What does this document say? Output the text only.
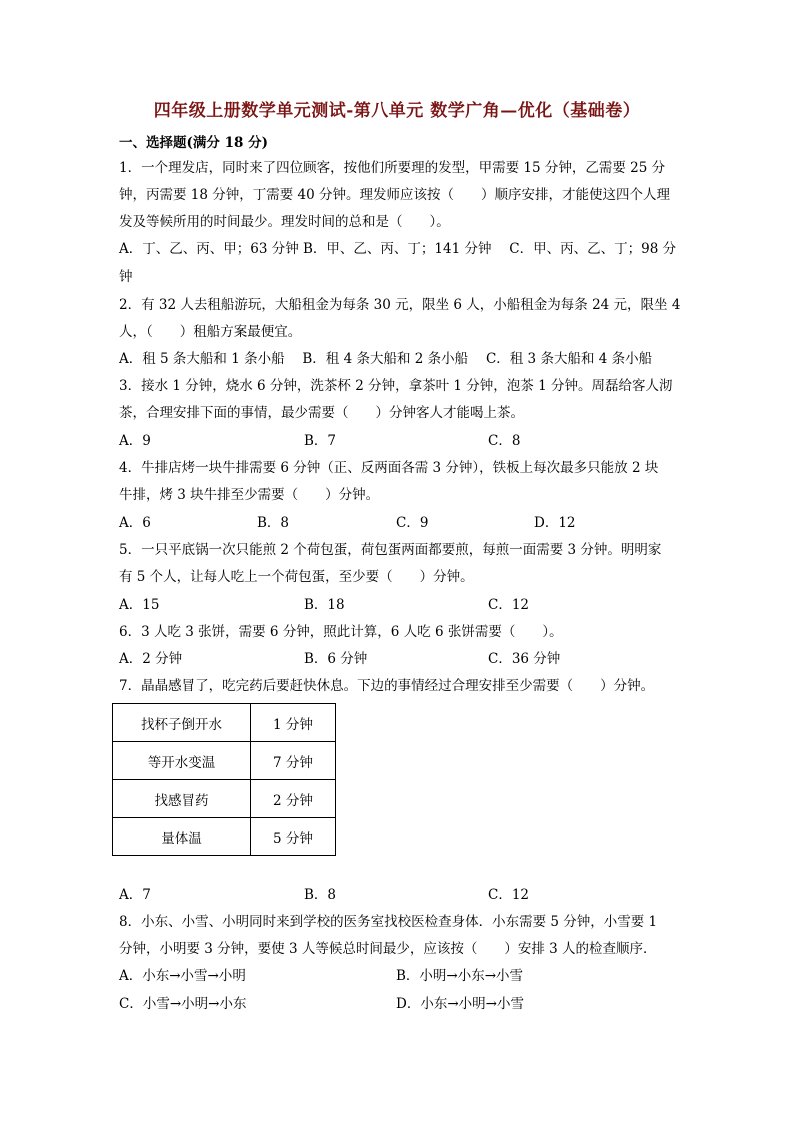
四年级上册数学单元测试-第八单元 数学广角—优化（基础卷）
一、选择题(满分 18 分)
1．一个理发店，同时来了四位顾客，按他们所要理的发型，甲需要 15 分钟，乙需要 25 分
钟，丙需要 18 分钟，丁需要 40 分钟。理发师应该按（　　）顺序安排，才能使这四个人理
发及等候所用的时间最少。理发时间的总和是（　　）。
A．丁、乙、丙、甲；63 分钟 B．甲、乙、丙、丁；141 分钟　 C．甲、丙、乙、丁；98 分
钟
2．有 32 人去租船游玩，大船租金为每条 30 元，限坐 6 人，小船租金为每条 24 元，限坐 4
人，（　　）租船方案最便宜。
A．租 5 条大船和 1 条小船　 B．租 4 条大船和 2 条小船　 C．租 3 条大船和 4 条小船
3．接水 1 分钟，烧水 6 分钟，洗茶杯 2 分钟，拿茶叶 1 分钟，泡茶 1 分钟。周磊给客人沏
茶，合理安排下面的事情，最少需要（　　）分钟客人才能喝上茶。
A．9	B．7	C．8
4．牛排店烤一块牛排需要 6 分钟（正、反两面各需 3 分钟），铁板上每次最多只能放 2 块
牛排，烤 3 块牛排至少需要（　　）分钟。
A．6	B．8	C．9	D．12
5．一只平底锅一次只能煎 2 个荷包蛋，荷包蛋两面都要煎，每煎一面需要 3 分钟。明明家
有 5 个人，让每人吃上一个荷包蛋，至少要（　　）分钟。
A．15	B．18	C．12
6．3 人吃 3 张饼，需要 6 分钟，照此计算，6 人吃 6 张饼需要（　　）。
A．2 分钟	B．6 分钟	C．36 分钟
7．晶晶感冒了，吃完药后要赶快休息。下边的事情经过合理安排至少需要（　　）分钟。
找杯子倒开水	1 分钟
等开水变温	7 分钟
找感冒药	2 分钟
量体温	5 分钟
A．7	B．8	C．12
8．小东、小雪、小明同时来到学校的医务室找校医检查身体．小东需要 5 分钟，小雪要 1
分钟，小明要 3 分钟，要使 3 人等候总时间最少，应该按（　　）安排 3 人的检查顺序．
A．小东→小雪→小明	B．小明→小东→小雪
C．小雪→小明→小东	D．小东→小明→小雪
